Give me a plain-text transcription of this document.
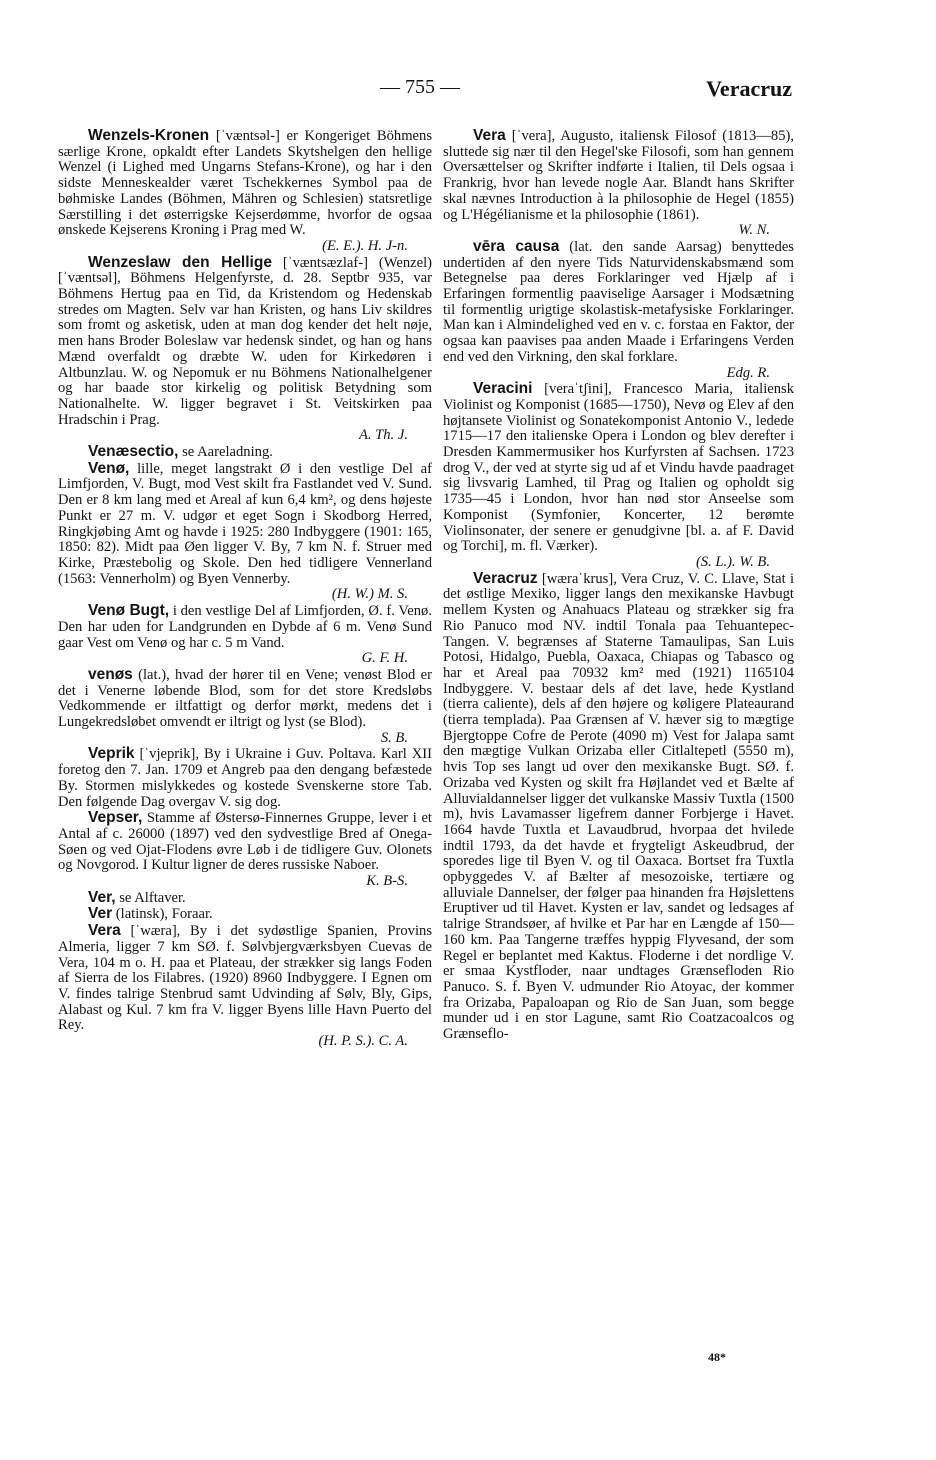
— 755 —	Veracruz

Wenzels-Kronen [ˈvæntsəl-] er Kongeriget Böhmens særlige Krone, opkaldt efter Landets Skytshelgen den hellige Wenzel (i Lighed med Ungarns Stefans-Krone), og har i den sidste Menneskealder været Tschekkernes Symbol paa de bøhmiske Landes (Böhmen, Mähren og Schlesien) statsretlige Særstilling i det østerrigske Kejserdømme, hvorfor de ogsaa ønskede Kejserens Kroning i Prag med W.
(E. E.). H. J-n.

Wenzeslaw den Hellige [ˈvæntsæzlaf-] (Wenzel) [ˈvæntsəl], Böhmens Helgenfyrste, d. 28. Septbr 935, var Böhmens Hertug paa en Tid, da Kristendom og Hedenskab stredes om Magten. Selv var han Kristen, og hans Liv skildres som fromt og asketisk, uden at man dog kender det helt nøje, men hans Broder Boleslaw var hedensk sindet, og han og hans Mænd overfaldt og dræbte W. uden for Kirkedøren i Altbunzlau. W. og Nepomuk er nu Böhmens Nationalhelgener og har baade stor kirkelig og politisk Betydning som Nationalhelte. W. ligger begravet i St. Veitskirken paa Hradschin i Prag.
A. Th. J.

Venæsectio, se Aareladning.

Venø, lille, meget langstrakt Ø i den vestlige Del af Limfjorden, V. Bugt, mod Vest skilt fra Fastlandet ved V. Sund. Den er 8 km lang med et Areal af kun 6,4 km², og dens højeste Punkt er 27 m. V. udgør et eget Sogn i Skodborg Herred, Ringkjøbing Amt og havde i 1925: 280 Indbyggere (1901: 165, 1850: 82). Midt paa Øen ligger V. By, 7 km N. f. Struer med Kirke, Præstebolig og Skole. Den hed tidligere Vennerland (1563: Vennerholm) og Byen Vennerby.
(H. W.) M. S.

Venø Bugt, i den vestlige Del af Limfjorden, Ø. f. Venø. Den har uden for Landgrunden en Dybde af 6 m. Venø Sund gaar Vest om Venø og har c. 5 m Vand.
G. F. H.

venøs (lat.), hvad der hører til en Vene; venøst Blod er det i Venerne løbende Blod, som for det store Kredsløbs Vedkommende er iltfattigt og derfor mørkt, medens det i Lungekredsløbet omvendt er iltrigt og lyst (se Blod).
S. B.

Veprik [ˈvjeprik], By i Ukraine i Guv. Poltava. Karl XII foretog den 7. Jan. 1709 et Angreb paa den dengang befæstede By. Stormen mislykkedes og kostede Svenskerne store Tab. Den følgende Dag overgav V. sig dog.

Vepser, Stamme af Østersø-Finnernes Gruppe, lever i et Antal af c. 26000 (1897) ved den sydvestlige Bred af Onega-Søen og ved Ojat-Flodens øvre Løb i de tidligere Guv. Olonets og Novgorod. I Kultur ligner de deres russiske Naboer.
K. B-S.

Ver, se Alftaver.

Ver (latinsk), Foraar.

Vera [ˈwæra], By i det sydøstlige Spanien, Provins Almeria, ligger 7 km SØ. f. Sølvbjergværksbyen Cuevas de Vera, 104 m o. H. paa et Plateau, der strækker sig langs Foden af Sierra de los Filabres. (1920) 8960 Indbyggere. I Egnen om V. findes talrige Stenbrud samt Udvinding af Sølv, Bly, Gips, Alabast og Kul. 7 km fra V. ligger Byens lille Havn Puerto del Rey.
(H. P. S.). C. A.

Vera [ˈvera], Augusto, italiensk Filosof (1813—85), sluttede sig nær til den Hegel'ske Filosofi, som han gennem Oversættelser og Skrifter indførte i Italien, til Dels ogsaa i Frankrig, hvor han levede nogle Aar. Blandt hans Skrifter skal nævnes Introduction à la philosophie de Hegel (1855) og L'Hégélianisme et la philosophie (1861).
W. N.

vēra causa (lat. den sande Aarsag) benyttedes undertiden af den nyere Tids Naturvidenskabsmænd som Betegnelse paa deres Forklaringer ved Hjælp af i Erfaringen formentlig paaviselige Aarsager i Modsætning til formentlig urigtige skolastisk-metafysiske Forklaringer. Man kan i Almindelighed ved en v. c. forstaa en Faktor, der ogsaa kan paavises paa anden Maade i Erfaringens Verden end ved den Virkning, den skal forklare.
Edg. R.

Veracini [veraˈtʃini], Francesco Maria, italiensk Violinist og Komponist (1685—1750), Nevø og Elev af den højtansete Violinist og Sonatekomponist Antonio V., ledede 1715—17 den italienske Opera i London og blev derefter i Dresden Kammermusiker hos Kurfyrsten af Sachsen. 1723 drog V., der ved at styrte sig ud af et Vindu havde paadraget sig livsvarig Lamhed, til Prag og Italien og opholdt sig 1735—45 i London, hvor han nød stor Anseelse som Komponist (Symfonier, Koncerter, 12 berømte Violinsonater, der senere er genudgivne [bl. a. af F. David og Torchi], m. fl. Værker).
(S. L.). W. B.

Veracruz [wæraˈkrus], Vera Cruz, V. C. Llave, Stat i det østlige Mexiko, ligger langs den mexikanske Havbugt mellem Kysten og Anahuacs Plateau og strækker sig fra Rio Panuco mod NV. indtil Tonala paa Tehuantepec-Tangen. V. begrænses af Staterne Tamaulipas, San Luis Potosi, Hidalgo, Puebla, Oaxaca, Chiapas og Tabasco og har et Areal paa 70932 km² med (1921) 1165104 Indbyggere. V. bestaar dels af det lave, hede Kystland (tierra caliente), dels af den højere og køligere Plateaurand (tierra templada). Paa Grænsen af V. hæver sig to mægtige Bjergtoppe Cofre de Perote (4090 m) Vest for Jalapa samt den mægtige Vulkan Orizaba eller Citlaltepetl (5550 m), hvis Top ses langt ud over den mexikanske Bugt. SØ. f. Orizaba ved Kysten og skilt fra Højlandet ved et Bælte af Alluvialdannelser ligger det vulkanske Massiv Tuxtla (1500 m), hvis Lavamasser ligefrem danner Forbjerge i Havet. 1664 havde Tuxtla et Lavaudbrud, hvorpaa det hvilede indtil 1793, da det havde et frygteligt Askeudbrud, der sporedes lige til Byen V. og til Oaxaca. Bortset fra Tuxtla opbyggedes V. af Bælter af mesozoiske, tertiære og alluviale Dannelser, der følger paa hinanden fra Højslettens Eruptiver ud til Havet. Kysten er lav, sandet og ledsages af talrige Strandsøer, af hvilke et Par har en Længde af 150—160 km. Paa Tangerne træffes hyppig Flyvesand, der som Regel er beplantet med Kaktus. Floderne i det nordlige V. er smaa Kystfloder, naar undtages Grænsefloden Rio Panuco. S. f. Byen V. udmunder Rio Atoyac, der kommer fra Orizaba, Papaloapan og Rio de San Juan, som begge munder ud i en stor Lagune, samt Rio Coatzacoalcos og Grænseflo-

48*
